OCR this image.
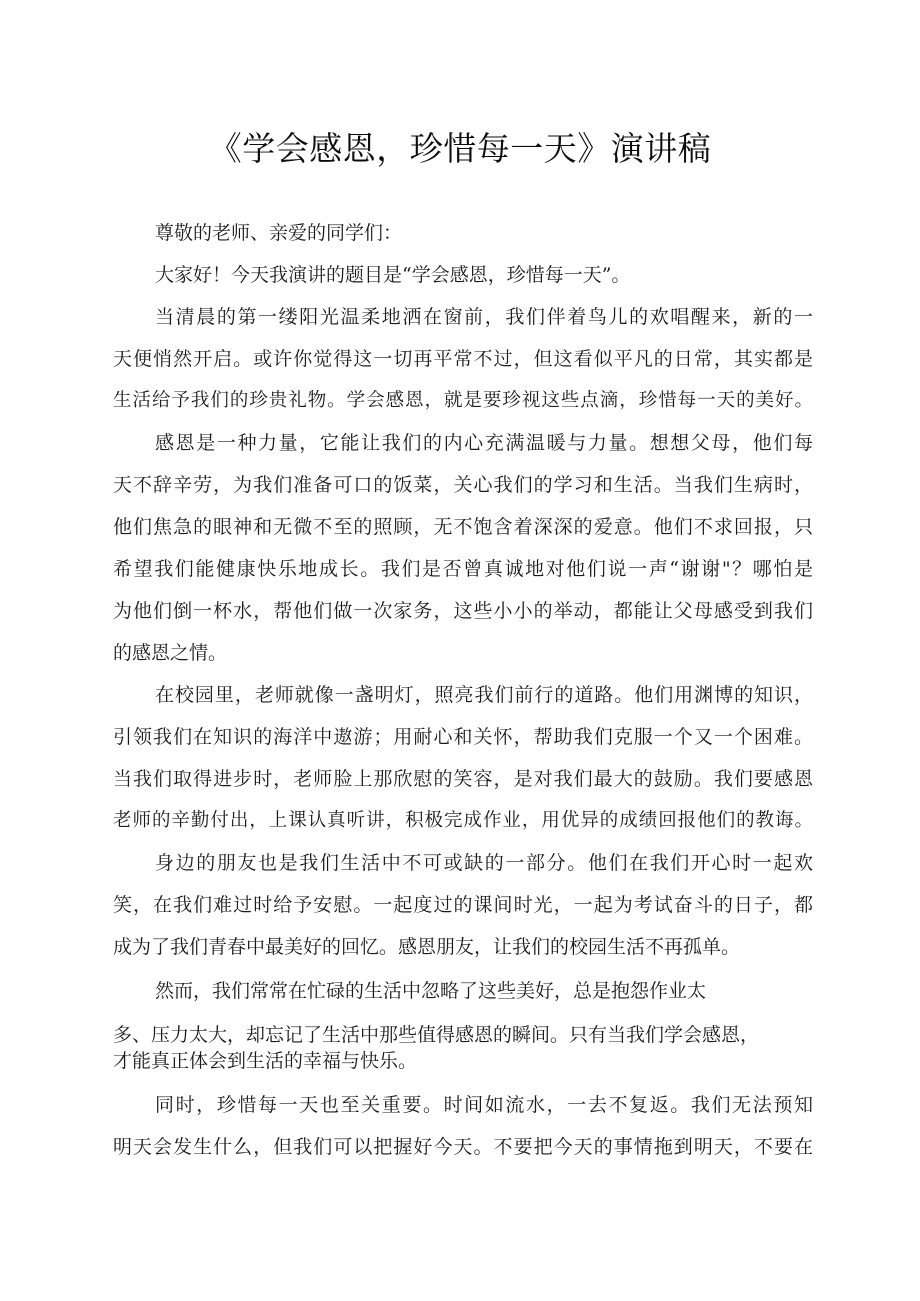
《学会感恩，珍惜每一天》演讲稿
尊敬的老师、亲爱的同学们：
大家好！今天我演讲的题目是“学会感恩，珍惜每一天”。
当清晨的第一缕阳光温柔地洒在窗前，我们伴着鸟儿的欢唱醒来，新的一
天便悄然开启。或许你觉得这一切再平常不过，但这看似平凡的日常，其实都是
生活给予我们的珍贵礼物。学会感恩，就是要珍视这些点滴，珍惜每一天的美好。
感恩是一种力量，它能让我们的内心充满温暖与力量。想想父母，他们每
天不辞辛劳，为我们准备可口的饭菜，关心我们的学习和生活。当我们生病时，
他们焦急的眼神和无微不至的照顾，无不饱含着深深的爱意。他们不求回报，只
希望我们能健康快乐地成长。我们是否曾真诚地对他们说一声“谢谢"？哪怕是
为他们倒一杯水，帮他们做一次家务，这些小小的举动，都能让父母感受到我们
的感恩之情。
在校园里，老师就像一盏明灯，照亮我们前行的道路。他们用渊博的知识，
引领我们在知识的海洋中遨游；用耐心和关怀，帮助我们克服一个又一个困难。
当我们取得进步时，老师脸上那欣慰的笑容，是对我们最大的鼓励。我们要感恩
老师的辛勤付出，上课认真听讲，积极完成作业，用优异的成绩回报他们的教诲。
身边的朋友也是我们生活中不可或缺的一部分。他们在我们开心时一起欢
笑，在我们难过时给予安慰。一起度过的课间时光，一起为考试奋斗的日子，都
成为了我们青春中最美好的回忆。感恩朋友，让我们的校园生活不再孤单。
然而，我们常常在忙碌的生活中忽略了这些美好，总是抱怨作业太
多、压力太大，却忘记了生活中那些值得感恩的瞬间。只有当我们学会感恩，
才能真正体会到生活的幸福与快乐。
同时，珍惜每一天也至关重要。时间如流水，一去不复返。我们无法预知
明天会发生什么，但我们可以把握好今天。不要把今天的事情拖到明天，不要在
